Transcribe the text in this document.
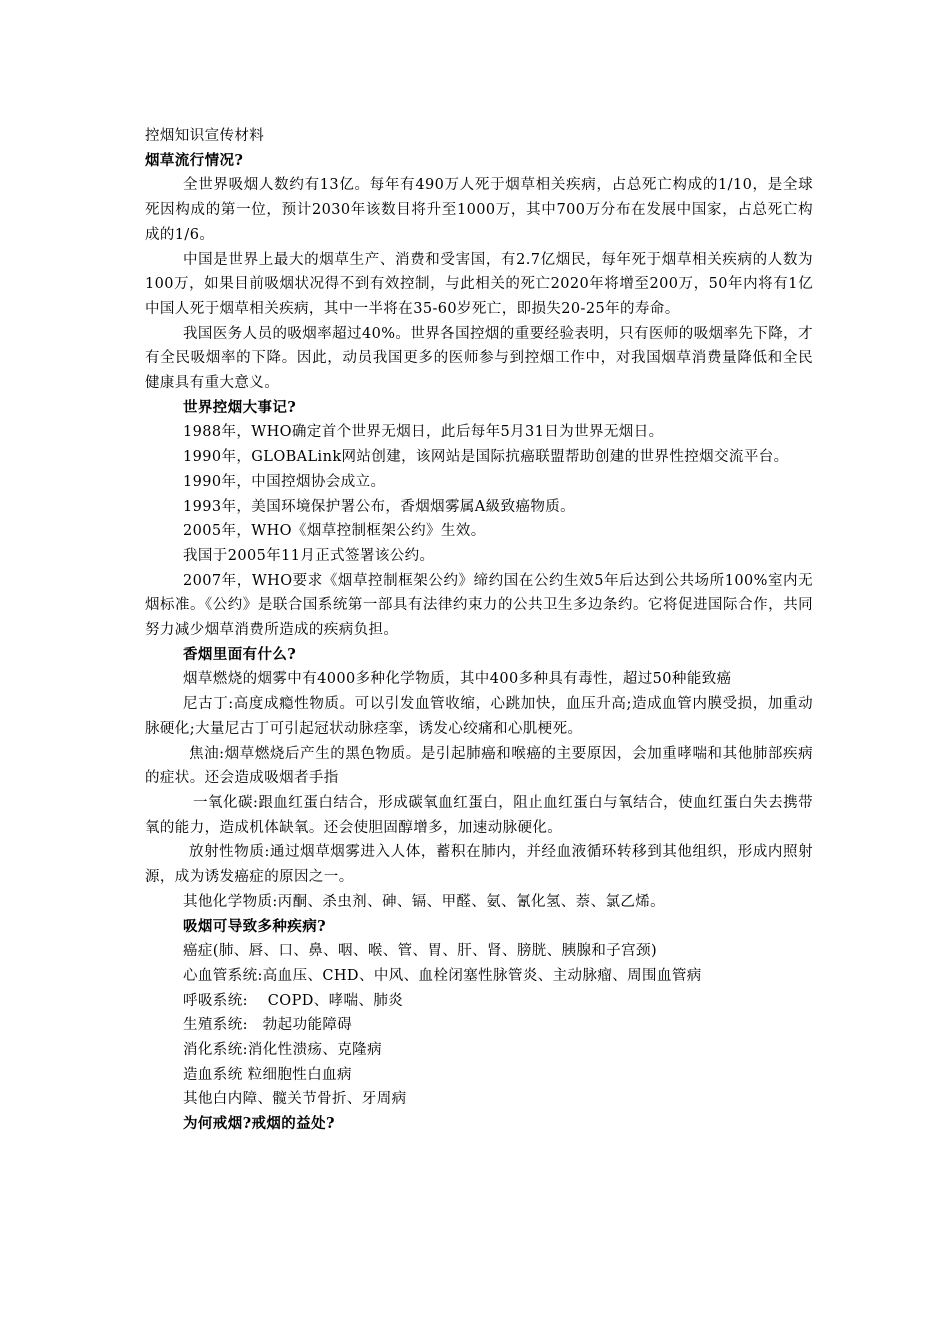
控烟知识宣传材料

烟草流行情况?

全世界吸烟人数约有13亿。每年有490万人死于烟草相关疾病，占总死亡构成的1/10，是全球死因构成的第一位，预计2030年该数目将升至1000万，其中700万分布在发展中国家，占总死亡构成的1/6。

中国是世界上最大的烟草生产、消费和受害国，有2.7亿烟民，每年死于烟草相关疾病的人数为100万，如果目前吸烟状况得不到有效控制，与此相关的死亡2020年将增至200万，50年内将有1亿中国人死于烟草相关疾病，其中一半将在35-60岁死亡，即损失20-25年的寿命。

我国医务人员的吸烟率超过40%。世界各国控烟的重要经验表明，只有医师的吸烟率先下降，才有全民吸烟率的下降。因此，动员我国更多的医师参与到控烟工作中，对我国烟草消费量降低和全民健康具有重大意义。

世界控烟大事记?

1988年，WHO确定首个世界无烟日，此后每年5月31日为世界无烟日。

1990年，GLOBALink网站创建，该网站是国际抗癌联盟帮助创建的世界性控烟交流平台。

1990年，中国控烟协会成立。

1993年，美国环境保护署公布，香烟烟雾属A級致癌物质。

2005年，WHO《烟草控制框架公约》生效。

我国于2005年11月正式签署该公约。

2007年，WHO要求《烟草控制框架公约》缔约国在公约生效5年后达到公共场所100%室内无烟标准。《公约》是联合国系统第一部具有法律约束力的公共卫生多边条约。它将促进国际合作，共同努力减少烟草消费所造成的疾病负担。

香烟里面有什么?

烟草燃烧的烟雾中有4000多种化学物质，其中400多种具有毒性，超过50种能致癌

尼古丁:高度成瘾性物质。可以引发血管收缩，心跳加快，血压升高;造成血管内膜受损，加重动脉硬化;大量尼古丁可引起冠状动脉痉挛，诱发心绞痛和心肌梗死。

焦油:烟草燃烧后产生的黑色物质。是引起肺癌和喉癌的主要原因，会加重哮喘和其他肺部疾病的症状。还会造成吸烟者手指

一氧化碳:跟血红蛋白结合，形成碳氧血红蛋白，阻止血红蛋白与氧结合，使血红蛋白失去携带氧的能力，造成机体缺氧。还会使胆固醇增多，加速动脉硬化。

放射性物质:通过烟草烟雾进入人体，蓄积在肺内，并经血液循环转移到其他组织，形成内照射源，成为诱发癌症的原因之一。

其他化学物质:丙酮、杀虫剂、砷、镉、甲醛、氨、氰化氢、萘、氯乙烯。

吸烟可导致多种疾病?

癌症(肺、唇、口、鼻、咽、喉、管、胃、肝、肾、膀胱、胰腺和子宫颈)

心血管系统:高血压、CHD、中风、血栓闭塞性脉管炎、主动脉瘤、周围血管病

呼吸系统:　 COPD、哮喘、肺炎

生殖系统:　勃起功能障碍

消化系统:消化性溃疡、克隆病

造血系统 粒细胞性白血病

其他白内障、髋关节骨折、牙周病

为何戒烟?戒烟的益处?
